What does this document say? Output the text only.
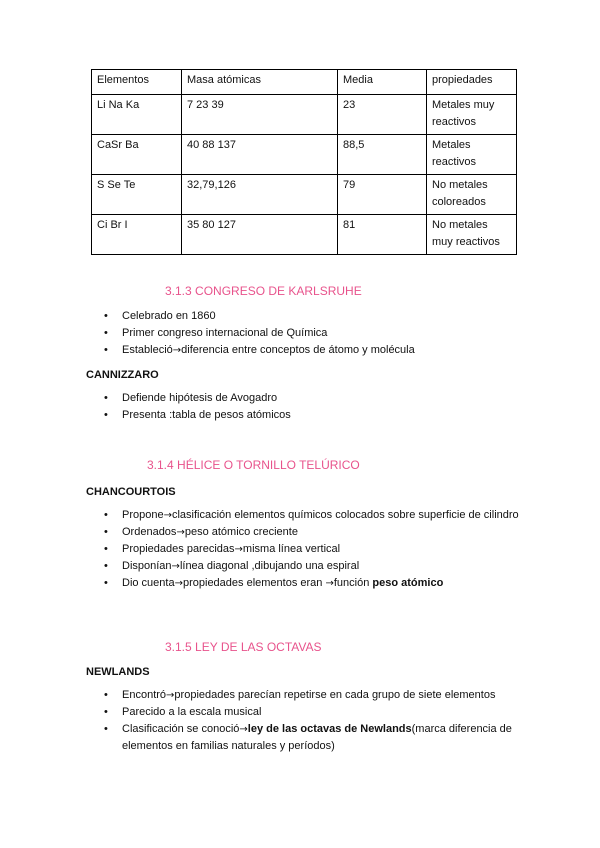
Elementos	Masa atómicas	Media	propiedades
Li Na Ka	7 23 39	23	Metales muy reactivos
CaSr Ba	40 88 137	88,5	Metales reactivos
S Se Te	32,79,126	79	No metales coloreados
Ci Br I	35 80 127	81	No metales muy reactivos
3.1.3 CONGRESO DE KARLSRUHE
• Celebrado en 1860
• Primer congreso internacional de Química
• Estableció→diferencia entre conceptos de átomo y molécula
CANNIZZARO
• Defiende hipótesis de Avogadro
• Presenta :tabla de pesos atómicos
3.1.4 HÉLICE O TORNILLO TELÚRICO
CHANCOURTOIS
• Propone→clasificación elementos químicos colocados sobre superficie de cilindro
• Ordenados→peso atómico creciente
• Propiedades parecidas→misma línea vertical
• Disponían→línea diagonal ,dibujando una espiral
• Dio cuenta→propiedades elementos eran →función peso atómico
3.1.5 LEY DE LAS OCTAVAS
NEWLANDS
• Encontró→propiedades parecían repetirse en cada grupo de siete elementos
• Parecido a la escala musical
• Clasificación se conoció→ley de las octavas de Newlands(marca diferencia de elementos en familias naturales y períodos)
